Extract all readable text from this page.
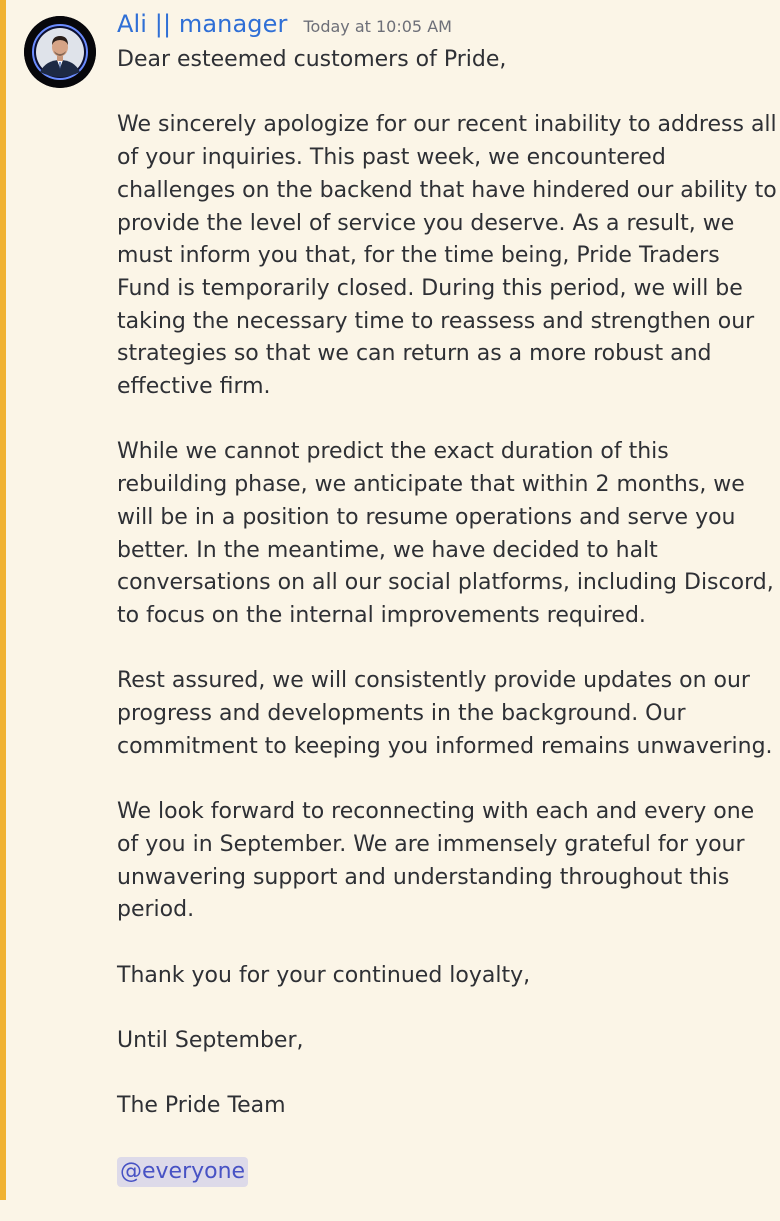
Ali || manager Today at 10:05 AM

Dear esteemed customers of Pride,

We sincerely apologize for our recent inability to address all of your inquiries. This past week, we encountered challenges on the backend that have hindered our ability to provide the level of service you deserve. As a result, we must inform you that, for the time being, Pride Traders Fund is temporarily closed. During this period, we will be taking the necessary time to reassess and strengthen our strategies so that we can return as a more robust and effective firm.

While we cannot predict the exact duration of this rebuilding phase, we anticipate that within 2 months, we will be in a position to resume operations and serve you better. In the meantime, we have decided to halt conversations on all our social platforms, including Discord, to focus on the internal improvements required.

Rest assured, we will consistently provide updates on our progress and developments in the background. Our commitment to keeping you informed remains unwavering.

We look forward to reconnecting with each and every one of you in September. We are immensely grateful for your unwavering support and understanding throughout this period.

Thank you for your continued loyalty,

Until September,

The Pride Team

@everyone
